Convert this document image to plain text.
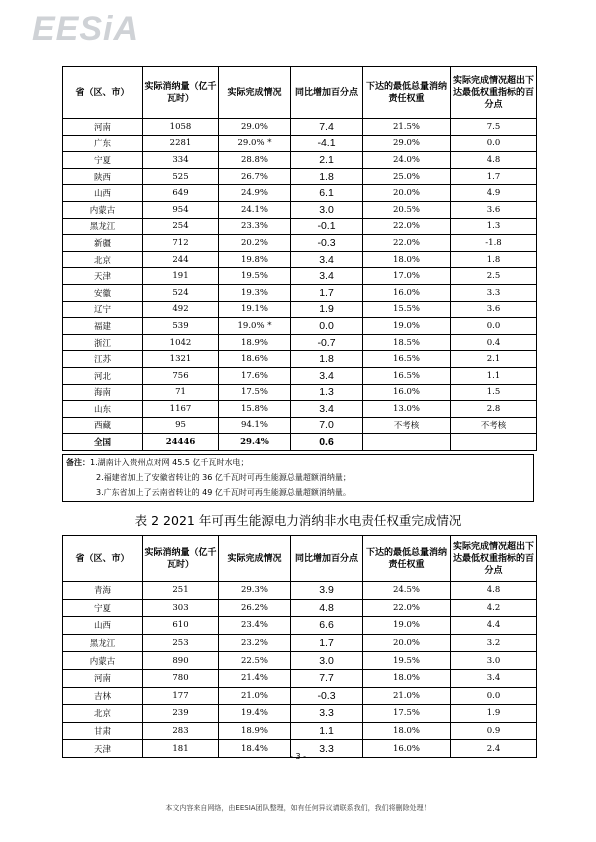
EESiA
省（区、市）	实际消纳量（亿千瓦时）	实际完成情况	同比增加百分点	下达的最低总量消纳责任权重	实际完成情况超出下达最低权重指标的百分点
河南	1058	29.0%	7.4	21.5%	7.5
广东	2281	29.0% *	-4.1	29.0%	0.0
宁夏	334	28.8%	2.1	24.0%	4.8
陕西	525	26.7%	1.8	25.0%	1.7
山西	649	24.9%	6.1	20.0%	4.9
内蒙古	954	24.1%	3.0	20.5%	3.6
黑龙江	254	23.3%	-0.1	22.0%	1.3
新疆	712	20.2%	-0.3	22.0%	-1.8
北京	244	19.8%	3.4	18.0%	1.8
天津	191	19.5%	3.4	17.0%	2.5
安徽	524	19.3%	1.7	16.0%	3.3
辽宁	492	19.1%	1.9	15.5%	3.6
福建	539	19.0% *	0.0	19.0%	0.0
浙江	1042	18.9%	-0.7	18.5%	0.4
江苏	1321	18.6%	1.8	16.5%	2.1
河北	756	17.6%	3.4	16.5%	1.1
海南	71	17.5%	1.3	16.0%	1.5
山东	1167	15.8%	3.4	13.0%	2.8
西藏	95	94.1%	7.0	不考核	不考核
全国	24446	29.4%	0.6		
备注：1.湖南计入贵州点对网 45.5 亿千瓦时水电；
2.福建省加上了安徽省转让的 36 亿千瓦时可再生能源总量超额消纳量；
3.广东省加上了云南省转让的 49 亿千瓦时可再生能源总量超额消纳量。
表 2 2021 年可再生能源电力消纳非水电责任权重完成情况
省（区、市）	实际消纳量（亿千瓦时）	实际完成情况	同比增加百分点	下达的最低总量消纳责任权重	实际完成情况超出下达最低权重指标的百分点
青海	251	29.3%	3.9	24.5%	4.8
宁夏	303	26.2%	4.8	22.0%	4.2
山西	610	23.4%	6.6	19.0%	4.4
黑龙江	253	23.2%	1.7	20.0%	3.2
内蒙古	890	22.5%	3.0	19.5%	3.0
河南	780	21.4%	7.7	18.0%	3.4
吉林	177	21.0%	-0.3	21.0%	0.0
北京	239	19.4%	3.3	17.5%	1.9
甘肃	283	18.9%	1.1	18.0%	0.9
天津	181	18.4%	3.3	16.0%	2.4
- 3 -
本文内容来自网络，由EESIA团队整理，如有任何异议请联系我们，我们将删除处理！
